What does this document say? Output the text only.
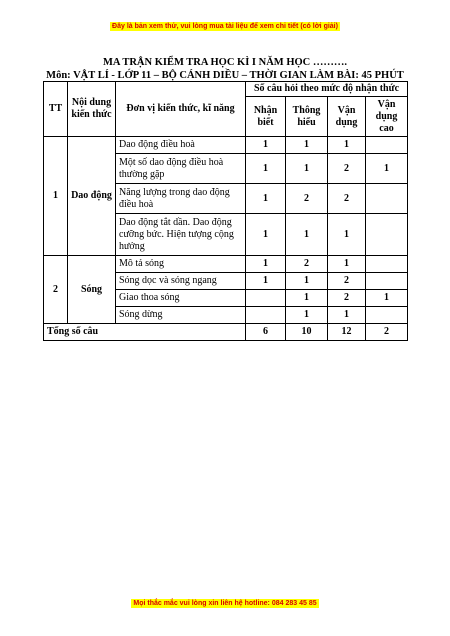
Đây là bản xem thử, vui lòng mua tài liệu để xem chi tiết (có lời giải)
MA TRẬN KIỂM TRA HỌC KÌ I NĂM HỌC ……….
Môn: VẬT LÍ - LỚP 11 – BỘ CÁNH DIỀU – THỜI GIAN LÀM BÀI: 45 PHÚT
TT	Nội dung kiến thức	Đơn vị kiến thức, kĩ năng	Số câu hỏi theo mức độ nhận thức			
			Nhận biết	Thông hiểu	Vận dụng	Vận dụng cao
1	Dao động	Dao động điều hoà	1	1	1	
		Một số dao động điều hoà thường gặp	1	1	2	1
		Năng lượng trong dao động điều hoà	1	2	2	
		Dao động tắt dần. Dao động cưỡng bức. Hiện tượng cộng hưởng	1	1	1	
2	Sóng	Mô tả sóng	1	2	1	
		Sóng dọc và sóng ngang	1	1	2	
		Giao thoa sóng		1	2	1
		Sóng dừng		1	1	
Tổng số câu			6	10	12	2
Mọi thắc mắc vui lòng xin liên hệ hotline: 084 283 45 85
